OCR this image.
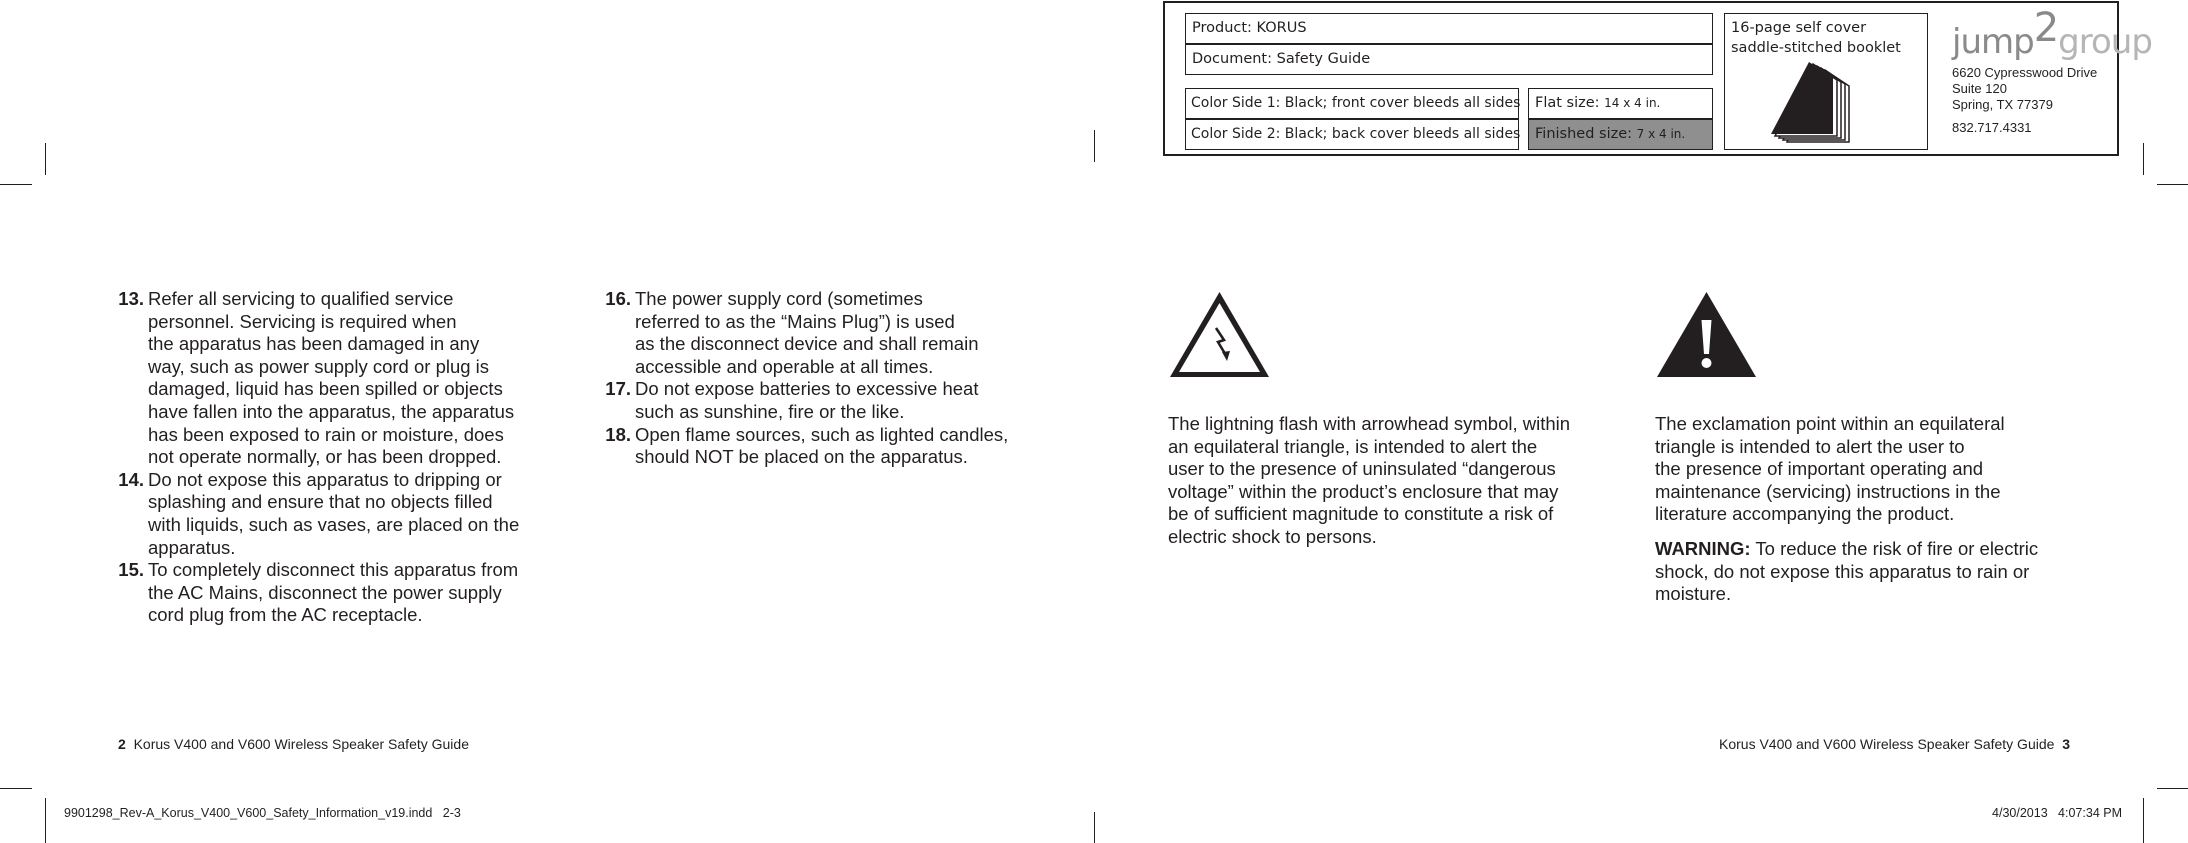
Product: KORUS
Document: Safety Guide
Color Side 1: Black; front cover bleeds all sides
Color Side 2: Black; back cover bleeds all sides
Flat size: 14 x 4 in.
Finished size: 7 x 4 in.
16-page self cover
saddle-stitched booklet	jump2group
6620 Cypresswood Drive
Suite 120
Spring, TX 77379
832.717.4331
13. Refer all servicing to qualified service
personnel. Servicing is required when
the apparatus has been damaged in any
way, such as power supply cord or plug is
damaged, liquid has been spilled or objects
have fallen into the apparatus, the apparatus
has been exposed to rain or moisture, does
not operate normally, or has been dropped.
14. Do not expose this apparatus to dripping or
splashing and ensure that no objects filled
with liquids, such as vases, are placed on the
apparatus.
15. To completely disconnect this apparatus from
the AC Mains, disconnect the power supply
cord plug from the AC receptacle.
16. The power supply cord (sometimes
referred to as the “Mains Plug”) is used
as the disconnect device and shall remain
accessible and operable at all times.
17. Do not expose batteries to excessive heat
such as sunshine, fire or the like.
18. Open flame sources, such as lighted candles,
should NOT be placed on the apparatus.
The lightning flash with arrowhead symbol, within
an equilateral triangle, is intended to alert the
user to the presence of uninsulated “dangerous
voltage” within the product’s enclosure that may
be of sufficient magnitude to constitute a risk of
electric shock to persons.
The exclamation point within an equilateral
triangle is intended to alert the user to
the presence of important operating and
maintenance (servicing) instructions in the
literature accompanying the product.
WARNING: To reduce the risk of fire or electric
shock, do not expose this apparatus to rain or
moisture.
2 Korus V400 and V600 Wireless Speaker Safety Guide	Korus V400 and V600 Wireless Speaker Safety Guide 3
9901298_Rev-A_Korus_V400_V600_Safety_Information_v19.indd   2-3	4/30/2013   4:07:34 PM
